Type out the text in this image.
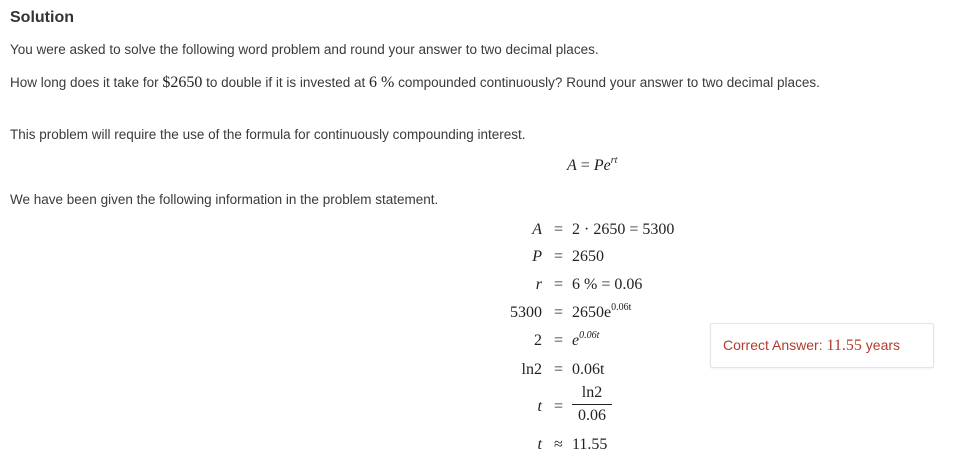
Solution
You were asked to solve the following word problem and round your answer to two decimal places.
How long does it take for $2650 to double if it is invested at 6 % compounded continuously? Round your answer to two decimal places.
This problem will require the use of the formula for continuously compounding interest.
$A = Pe^{rt}$
We have been given the following information in the problem statement.
A = 2 · 2650 = 5300
P = 2650
r = 6 % = 0.06
$5300 = 2650e^{0.06t}$
$2 = e^{0.06t}$
ln2 = 0.06t
t =
ln2
0.06
t ≈ 11.55
Correct Answer: 11.55 years
